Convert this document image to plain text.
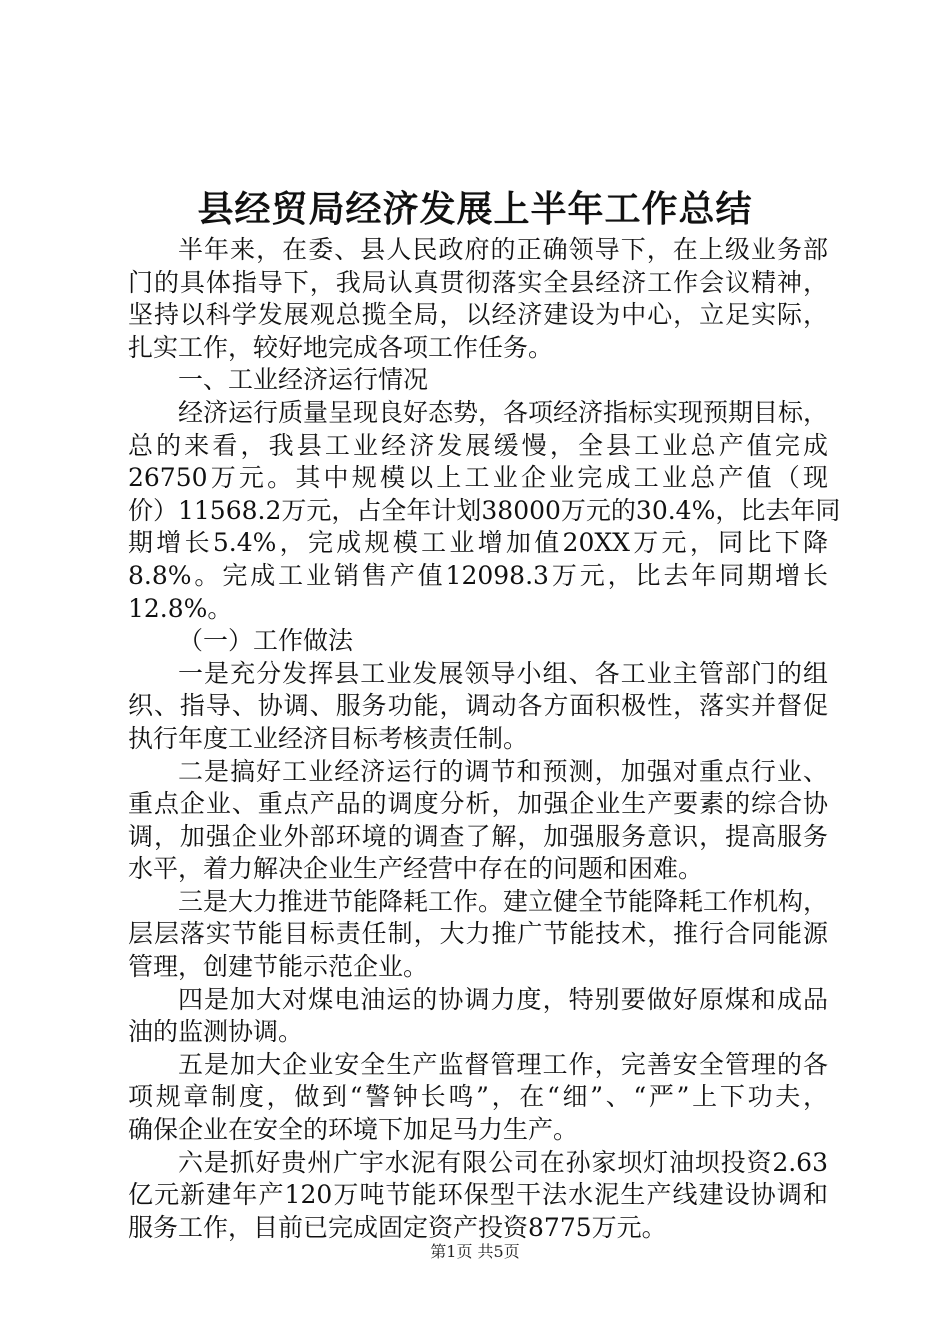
县经贸局经济发展上半年工作总结
半年来，在委、县人民政府的正确领导下，在上级业务部
门的具体指导下，我局认真贯彻落实全县经济工作会议精神，
坚持以科学发展观总揽全局，以经济建设为中心，立足实际，
扎实工作，较好地完成各项工作任务。
一、工业经济运行情况
经济运行质量呈现良好态势，各项经济指标实现预期目标，
总的来看，我县工业经济发展缓慢，全县工业总产值完成
26750万元。其中规模以上工业企业完成工业总产值（现
价）11568.2万元，占全年计划38000万元的30.4%，比去年同
期增长5.4%，完成规模工业增加值20XX万元，同比下降
8.8%。完成工业销售产值12098.3万元，比去年同期增长
12.8%。
（一）工作做法
一是充分发挥县工业发展领导小组、各工业主管部门的组
织、指导、协调、服务功能，调动各方面积极性，落实并督促
执行年度工业经济目标考核责任制。
二是搞好工业经济运行的调节和预测，加强对重点行业、
重点企业、重点产品的调度分析，加强企业生产要素的综合协
调，加强企业外部环境的调查了解，加强服务意识，提高服务
水平，着力解决企业生产经营中存在的问题和困难。
三是大力推进节能降耗工作。建立健全节能降耗工作机构，
层层落实节能目标责任制，大力推广节能技术，推行合同能源
管理，创建节能示范企业。
四是加大对煤电油运的协调力度，特别要做好原煤和成品
油的监测协调。
五是加大企业安全生产监督管理工作，完善安全管理的各
项规章制度，做到“警钟长鸣”，在“细”、“严”上下功夫，
确保企业在安全的环境下加足马力生产。
六是抓好贵州广宇水泥有限公司在孙家坝灯油坝投资2.63
亿元新建年产120万吨节能环保型干法水泥生产线建设协调和
服务工作，目前已完成固定资产投资8775万元。
第1页 共5页
